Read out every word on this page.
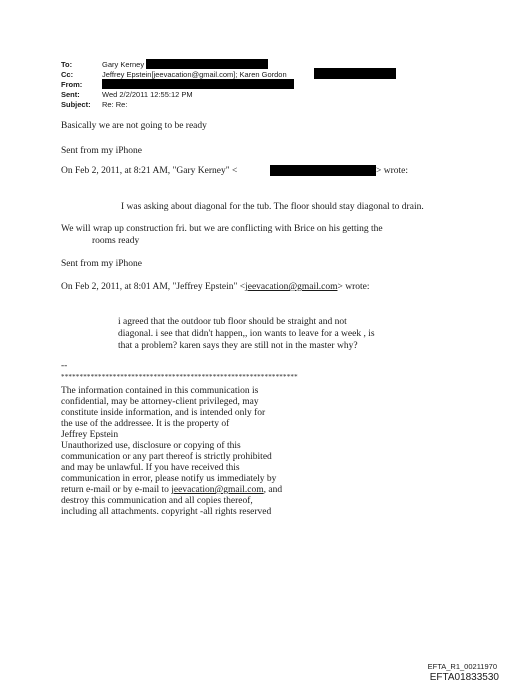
To:	Gary Kerney
Cc:	Jeffrey Epstein[jeevacation@gmail.com]; Karen Gordon
From:
Sent:	Wed 2/2/2011 12:55:12 PM
Subject: Re: Re:
Basically we are not going to be ready
Sent from my iPhone
On Feb 2, 2011, at 8:21 AM, "Gary Kerney" <	> wrote:
I was asking about diagonal for the tub. The floor should stay diagonal to drain.
We will wrap up construction fri. but we are conflicting with Brice on his getting the
rooms ready
Sent from my iPhone
On Feb 2, 2011, at 8:01 AM, "Jeffrey Epstein" <jeevacation@gmail.com> wrote:
i agreed that the outdoor tub floor should be straight and not
diagonal. i see that didn't happen,, ion wants to leave for a week , is
that a problem? karen says they are still not in the master why?
--
****************************************************************
The information contained in this communication is
confidential, may be attorney-client privileged, may
constitute inside information, and is intended only for
the use of the addressee. It is the property of
Jeffrey Epstein
Unauthorized use, disclosure or copying of this
communication or any part thereof is strictly prohibited
and may be unlawful. If you have received this
communication in error, please notify us immediately by
return e-mail or by e-mail to jeevacation@gmail.com, and
destroy this communication and all copies thereof,
including all attachments. copyright -all rights reserved
EFTA_R1_00211970
EFTA01833530
